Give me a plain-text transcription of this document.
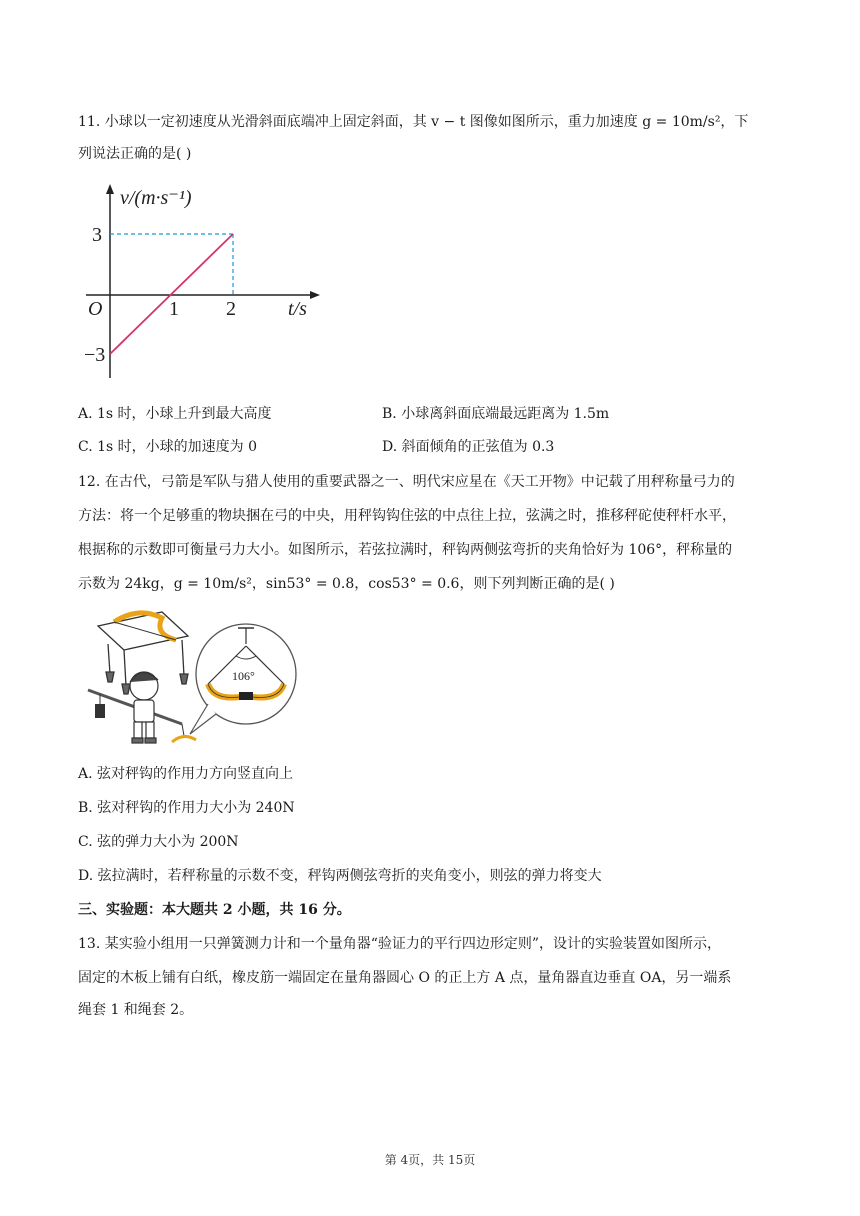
11. 小球以一定初速度从光滑斜面底端冲上固定斜面，其 v − t 图像如图所示，重力加速度 g = 10m/s²，下
列说法正确的是( )
v/(m·s⁻¹)
O	1 2	t/s
3
−3
A. 1s 时，小球上升到最大高度	B. 小球离斜面底端最远距离为 1.5m
C. 1s 时，小球的加速度为 0	D. 斜面倾角的正弦值为 0.3
12. 在古代，弓箭是军队与猎人使用的重要武器之一、明代宋应星在《天工开物》中记载了用秤称量弓力的
方法：将一个足够重的物块捆在弓的中央，用秤钩钩住弦的中点往上拉，弦满之时，推移秤砣使秤杆水平，
根据称的示数即可衡量弓力大小。如图所示，若弦拉满时，秤钩两侧弦弯折的夹角恰好为 106°，秤称量的
示数为 24kg，g = 10m/s²，sin53° = 0.8，cos53° = 0.6，则下列判断正确的是( )
106°
A. 弦对秤钩的作用力方向竖直向上
B. 弦对秤钩的作用力大小为 240N
C. 弦的弹力大小为 200N
D. 弦拉满时，若秤称量的示数不变，秤钩两侧弦弯折的夹角变小，则弦的弹力将变大
三、实验题：本大题共 2 小题，共 16 分。
13. 某实验小组用一只弹簧测力计和一个量角器“验证力的平行四边形定则”，设计的实验装置如图所示，
固定的木板上铺有白纸，橡皮筋一端固定在量角器圆心 O 的正上方 A 点，量角器直边垂直 OA，另一端系
绳套 1 和绳套 2。
第 4页，共 15页
